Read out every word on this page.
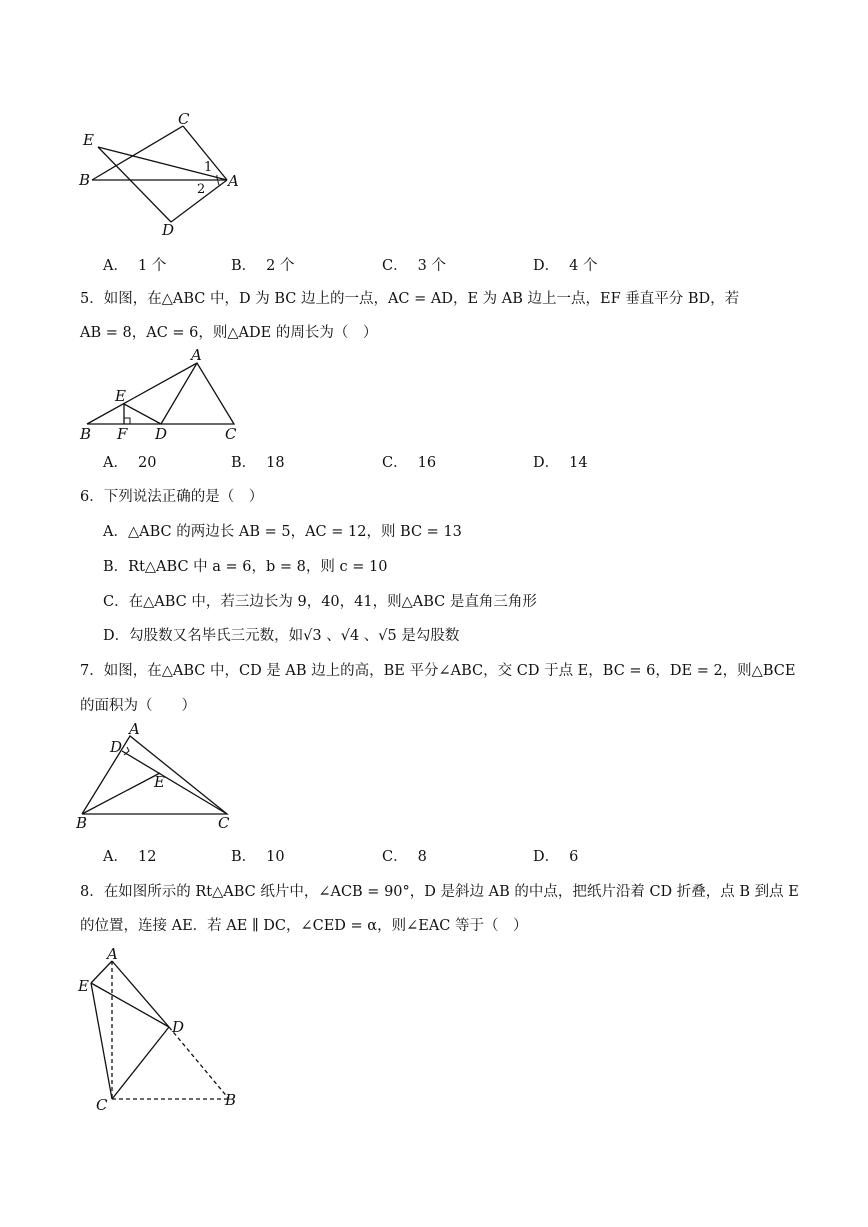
C
E
B	A
D
1
2
A． 1 个	B． 2 个	C． 3 个	D． 4 个
5．如图，在△ABC 中，D 为 BC 边上的一点，AC = AD，E 为 AB 边上一点，EF 垂直平分 BD，若
AB = 8，AC = 6，则△ADE 的周长为（　）
A
E
B F D	C
A． 20	B． 18	C． 16	D． 14
6．下列说法正确的是（　）
A．△ABC 的两边长 AB = 5，AC = 12，则 BC = 13
B．Rt△ABC 中 a = 6，b = 8，则 c = 10
C．在△ABC 中，若三边长为 9，40，41，则△ABC 是直角三角形
D．勾股数又名毕氏三元数，如√3 、√4 、√5 是勾股数
7．如图，在△ABC 中，CD 是 AB 边上的高，BE 平分∠ABC，交 CD 于点 E，BC = 6，DE = 2，则△BCE
的面积为（　　）
A
D
E
B	C
A． 12	B． 10	C． 8	D． 6
8．在如图所示的 Rt△ABC 纸片中，∠ACB = 90°，D 是斜边 AB 的中点，把纸片沿着 CD 折叠，点 B 到点 E
的位置，连接 AE．若 AE ∥ DC，∠CED = α，则∠EAC 等于（　）
A
E
D
C	B
